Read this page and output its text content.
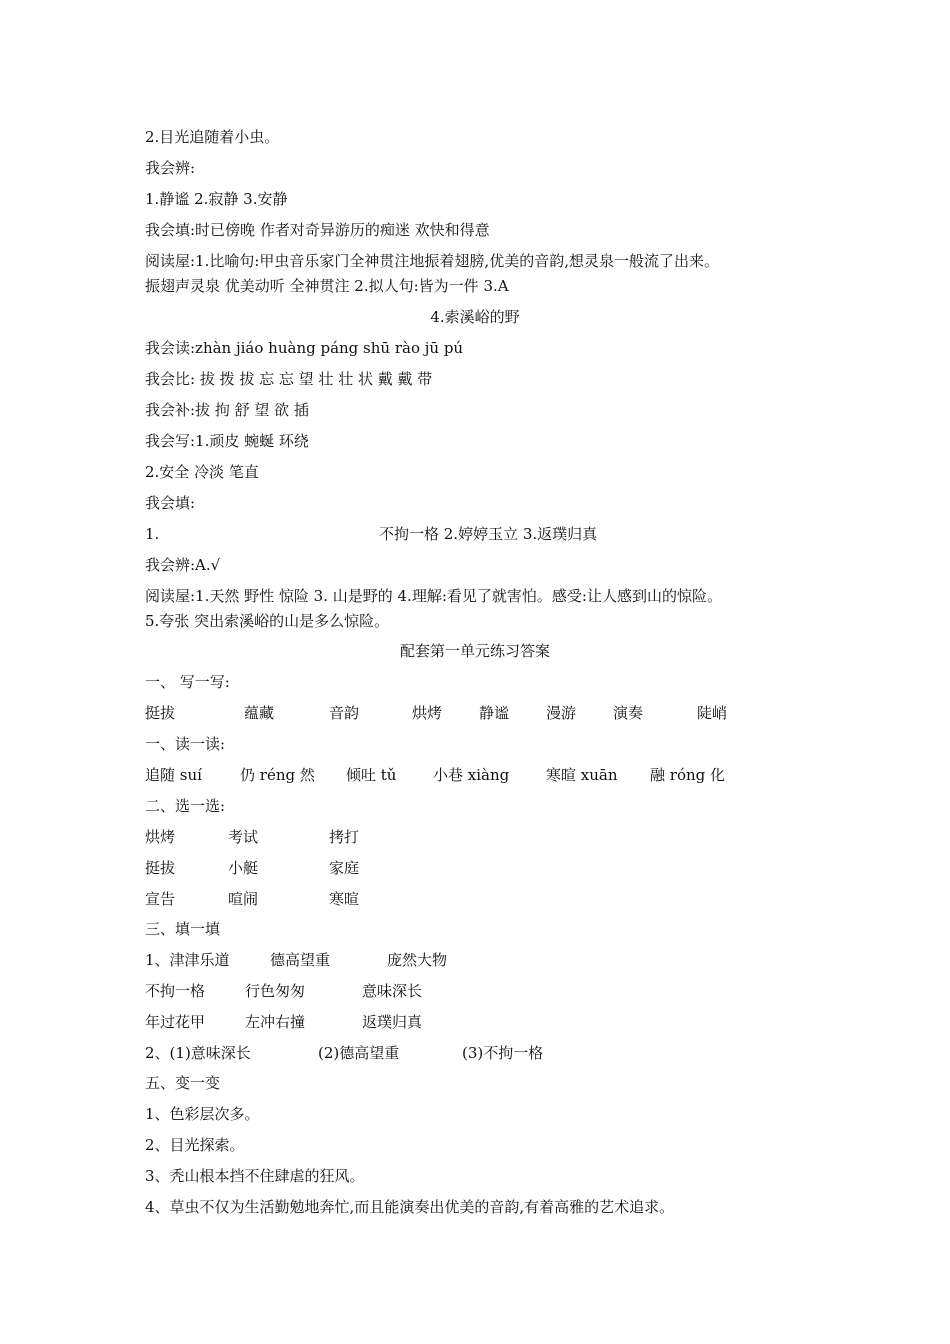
2.目光追随着小虫。
我会辨:
1.静谧 2.寂静 3.安静
我会填:时已傍晚 作者对奇异游历的痴迷 欢快和得意
阅读屋:1.比喻句:甲虫音乐家门全神贯注地振着翅膀,优美的音韵,想灵泉一般流了出来。
振翅声灵泉 优美动听 全神贯注 2.拟人句:皆为一件 3.A
4.索溪峪的野
我会读:zhàn jiáo huàng páng shū rào jū pú
我会比: 拔 拨 拔 忘 忘 望 壮 壮 状 戴 戴 带
我会补:拔 拘 舒 望 欲 插
我会写:1.顽皮 蜿蜒 环绕
2.安全 冷淡 笔直
我会填:
1.	不拘一格 2.婷婷玉立 3.返璞归真
我会辨:A.√
阅读屋:1.天然 野性 惊险 3. 山是野的 4.理解:看见了就害怕。感受:让人感到山的惊险。
5.夸张 突出索溪峪的山是多么惊险。
配套第一单元练习答案
一、 写一写:
挺拔	蕴藏	音韵	烘烤 静谧 漫游 演奏	陡峭
一、读一读:
追随 suí	仍 réng 然 倾吐 tǔ 小巷 xiàng 寒暄 xuān 融 róng 化
二、选一选:
烘烤	考试	拷打
挺拔	小艇	家庭
宣告	喧闹	寒暄
三、填一填
1、津津乐道	德高望重	庞然大物
不拘一格	行色匆匆	意味深长
年过花甲	左冲右撞	返璞归真
2、(1)意味深长	(2)德高望重	(3)不拘一格
五、变一变
1、色彩层次多。
2、目光探索。
3、秃山根本挡不住肆虐的狂风。
4、草虫不仅为生活勤勉地奔忙,而且能演奏出优美的音韵,有着高雅的艺术追求。
